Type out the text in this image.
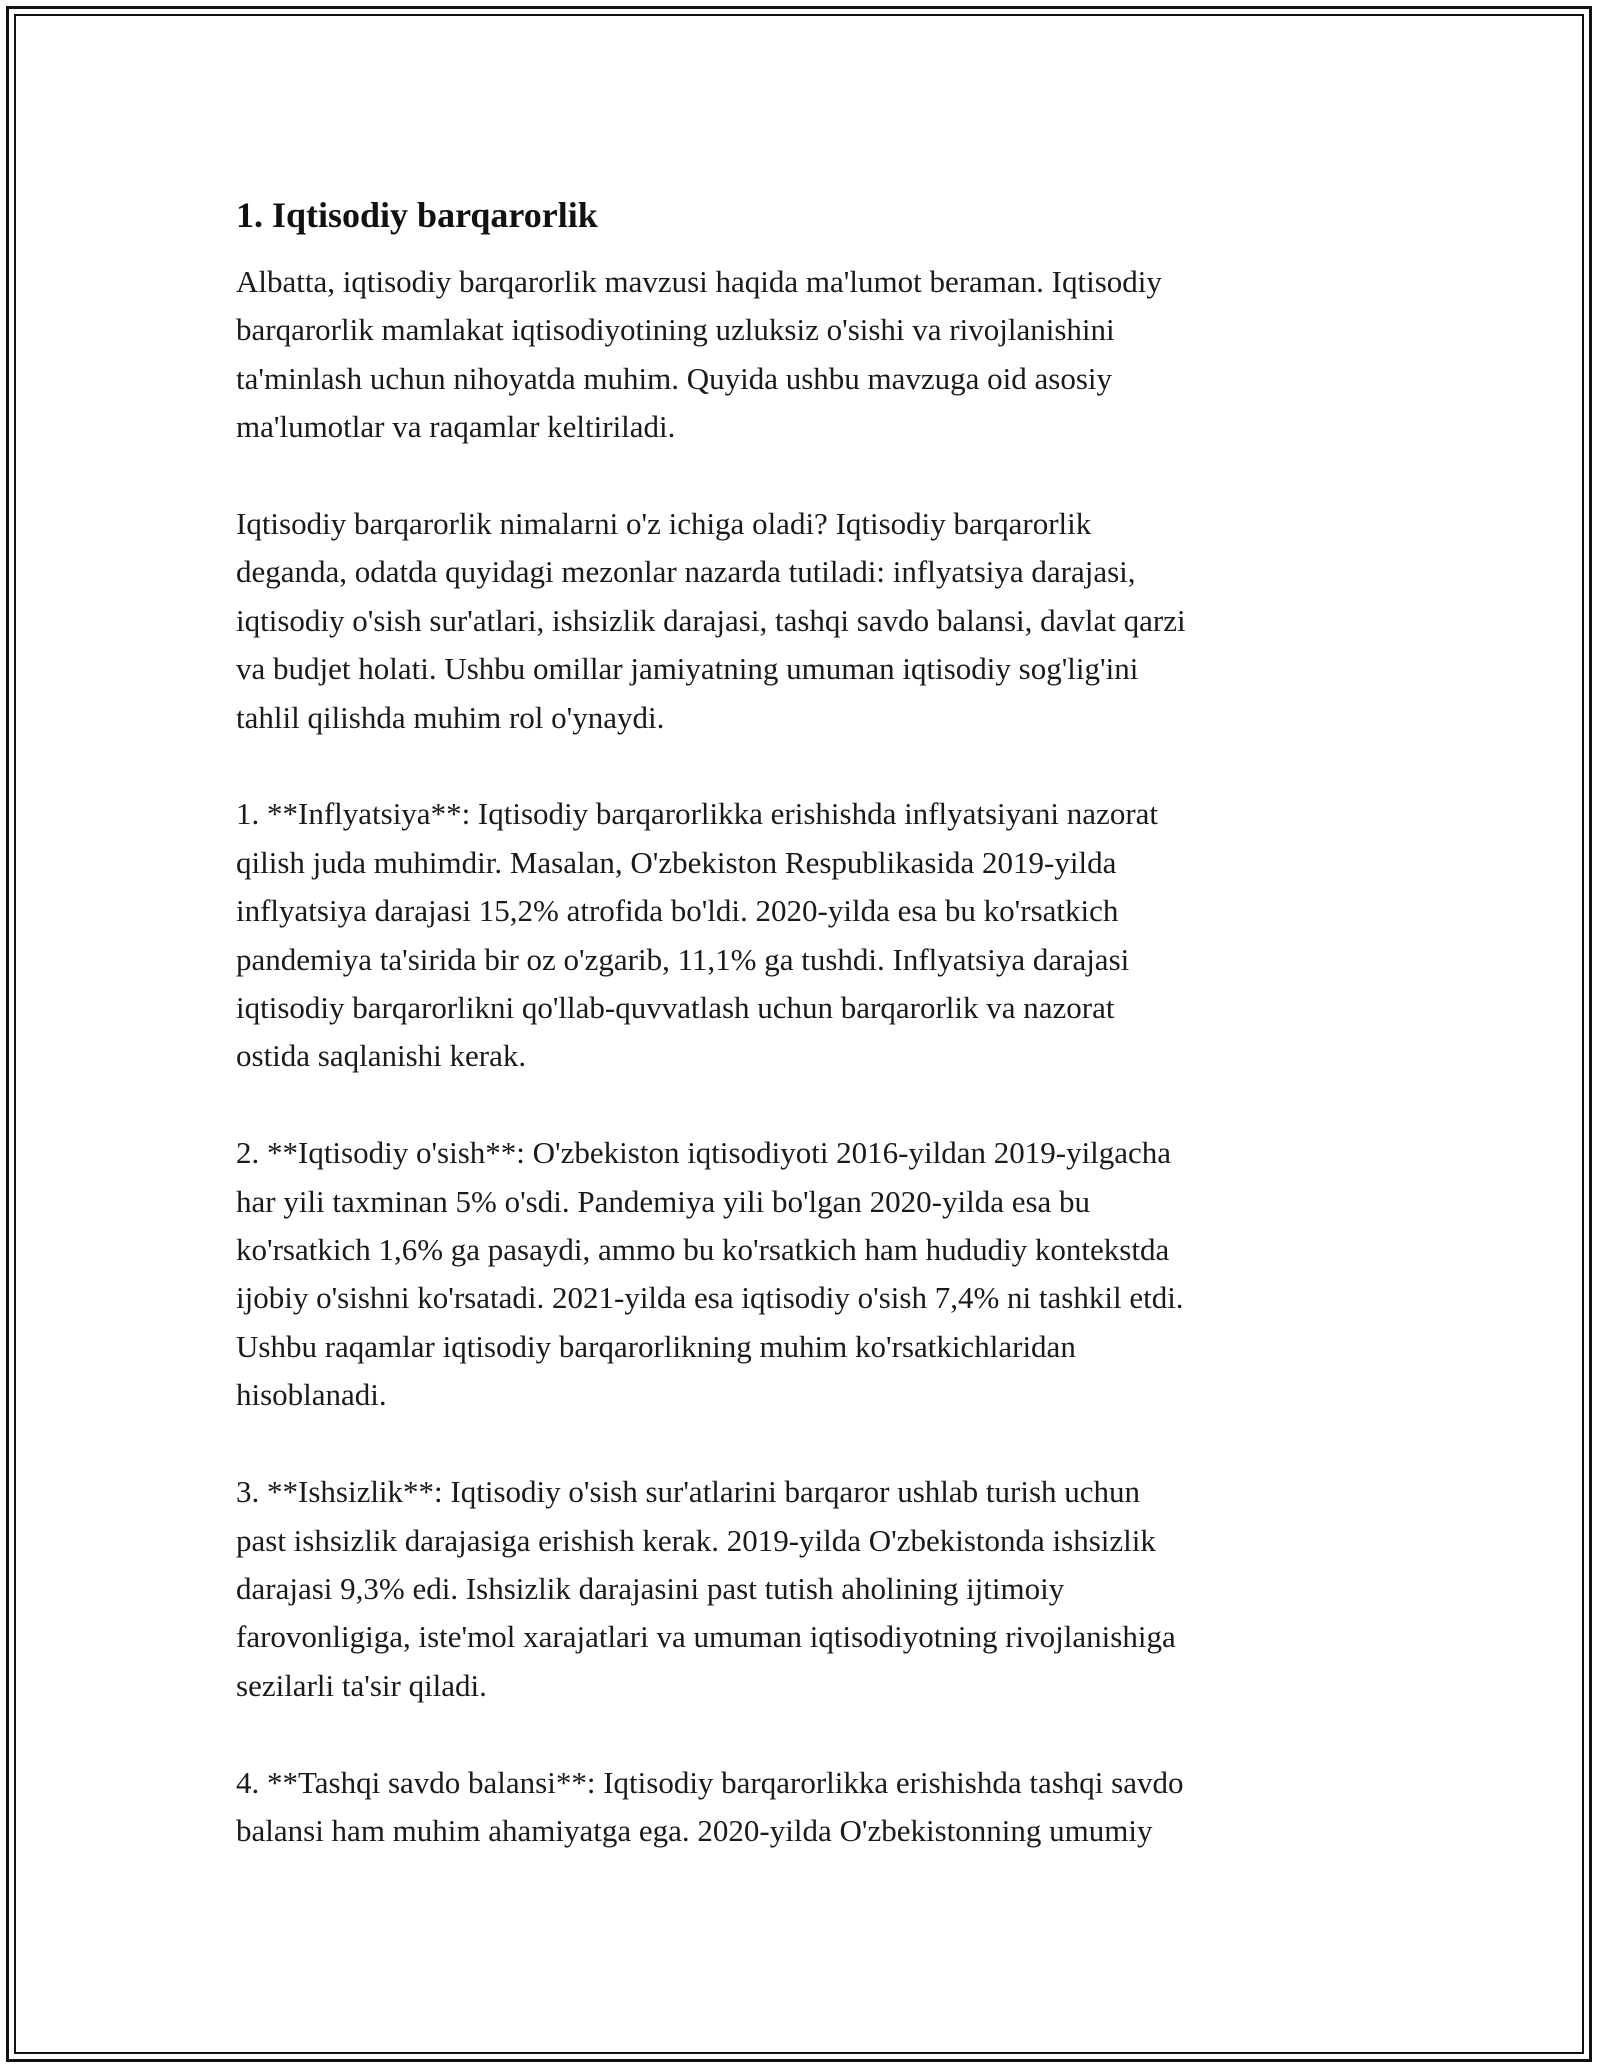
1. Iqtisodiy barqarorlik
Albatta, iqtisodiy barqarorlik mavzusi haqida ma'lumot beraman. Iqtisodiy
barqarorlik mamlakat iqtisodiyotining uzluksiz o'sishi va rivojlanishini
ta'minlash uchun nihoyatda muhim. Quyida ushbu mavzuga oid asosiy
ma'lumotlar va raqamlar keltiriladi.
Iqtisodiy barqarorlik nimalarni o'z ichiga oladi? Iqtisodiy barqarorlik
deganda, odatda quyidagi mezonlar nazarda tutiladi: inflyatsiya darajasi,
iqtisodiy o'sish sur'atlari, ishsizlik darajasi, tashqi savdo balansi, davlat qarzi
va budjet holati. Ushbu omillar jamiyatning umuman iqtisodiy sog'lig'ini
tahlil qilishda muhim rol o'ynaydi.
1. **Inflyatsiya**: Iqtisodiy barqarorlikka erishishda inflyatsiyani nazorat
qilish juda muhimdir. Masalan, O'zbekiston Respublikasida 2019-yilda
inflyatsiya darajasi 15,2% atrofida bo'ldi. 2020-yilda esa bu ko'rsatkich
pandemiya ta'sirida bir oz o'zgarib, 11,1% ga tushdi. Inflyatsiya darajasi
iqtisodiy barqarorlikni qo'llab-quvvatlash uchun barqarorlik va nazorat
ostida saqlanishi kerak.
2. **Iqtisodiy o'sish**: O'zbekiston iqtisodiyoti 2016-yildan 2019-yilgacha
har yili taxminan 5% o'sdi. Pandemiya yili bo'lgan 2020-yilda esa bu
ko'rsatkich 1,6% ga pasaydi, ammo bu ko'rsatkich ham hududiy kontekstda
ijobiy o'sishni ko'rsatadi. 2021-yilda esa iqtisodiy o'sish 7,4% ni tashkil etdi.
Ushbu raqamlar iqtisodiy barqarorlikning muhim ko'rsatkichlaridan
hisoblanadi.
3. **Ishsizlik**: Iqtisodiy o'sish sur'atlarini barqaror ushlab turish uchun
past ishsizlik darajasiga erishish kerak. 2019-yilda O'zbekistonda ishsizlik
darajasi 9,3% edi. Ishsizlik darajasini past tutish aholining ijtimoiy
farovonligiga, iste'mol xarajatlari va umuman iqtisodiyotning rivojlanishiga
sezilarli ta'sir qiladi.
4. **Tashqi savdo balansi**: Iqtisodiy barqarorlikka erishishda tashqi savdo
balansi ham muhim ahamiyatga ega. 2020-yilda O'zbekistonning umumiy
